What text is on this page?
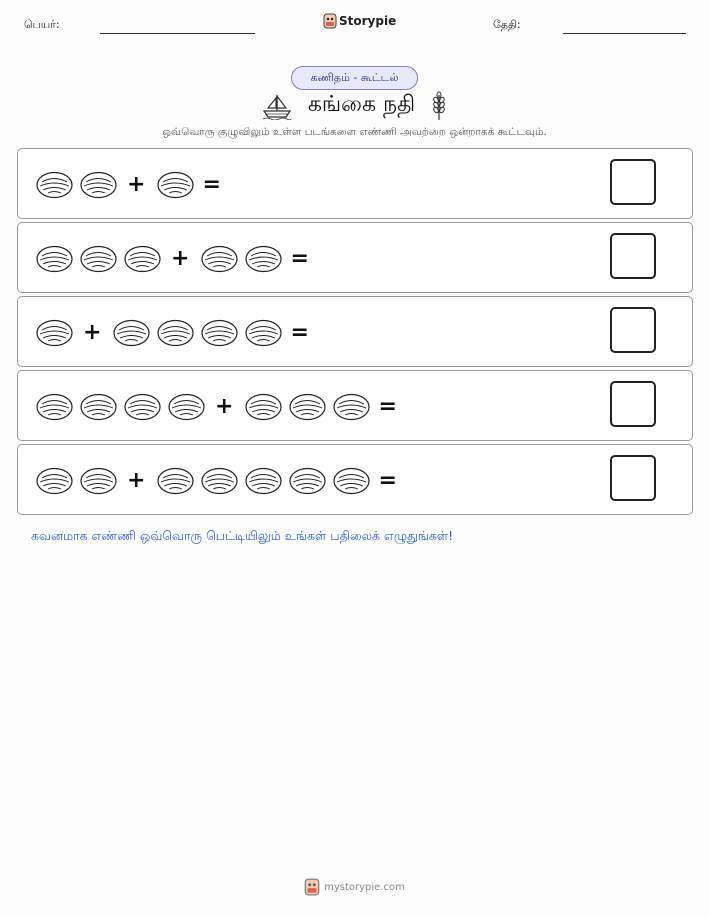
பெயர்:	Storypie	தேதி:
கணிதம் - கூட்டல்
கங்கை நதி
ஒவ்வொரு குழுவிலும் உள்ள படங்களை எண்ணி அவற்றை ஒன்றாகக் கூட்டவும்.
+	=
+	=
+	=
+	=
+	=
கவனமாக எண்ணி ஒவ்வொரு பெட்டியிலும் உங்கள் பதிலைக் எழுதுங்கள்!
mystorypie.com
